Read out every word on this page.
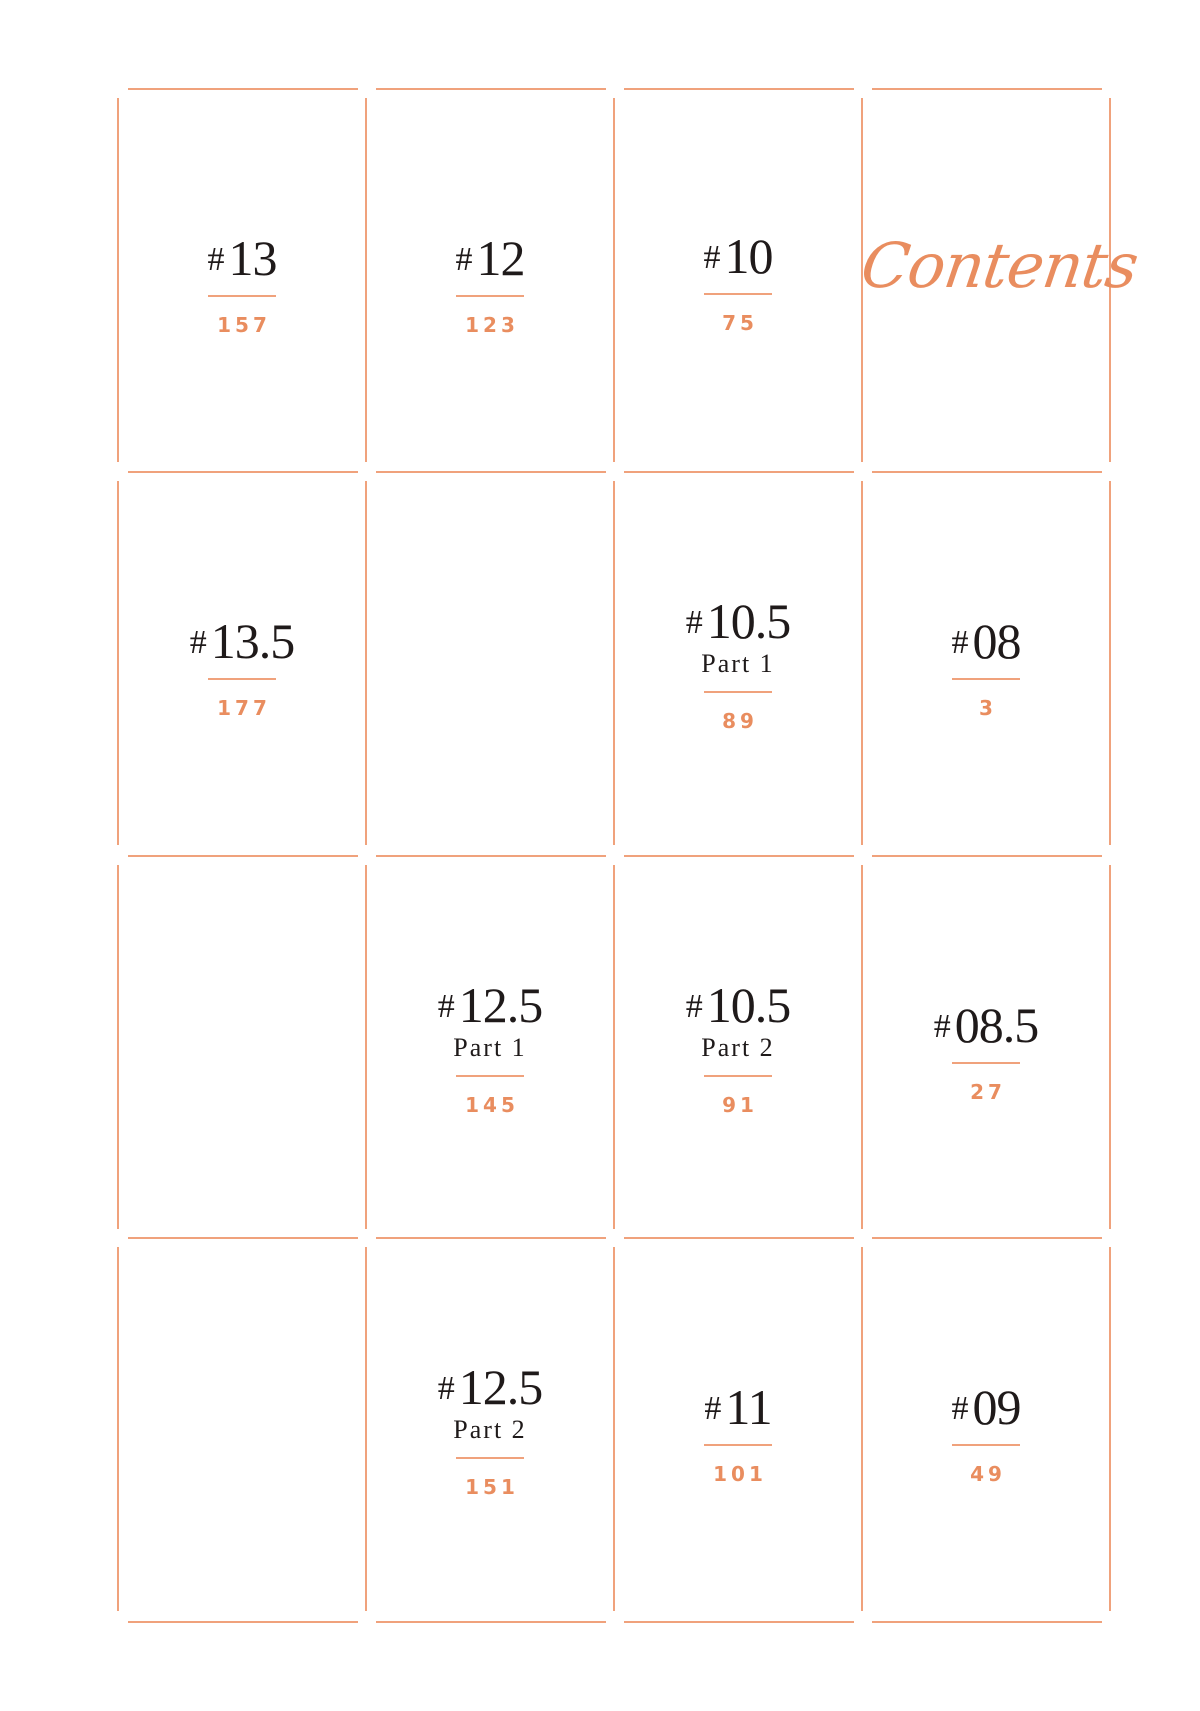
#13
157
#12
123
#10
75
Contents
#13.5
177
#10.5
Part 1
89
#08
3
#12.5
Part 1
145
#10.5
Part 2
91
#08.5
27
#12.5
Part 2
151
#11
101
#09
49
